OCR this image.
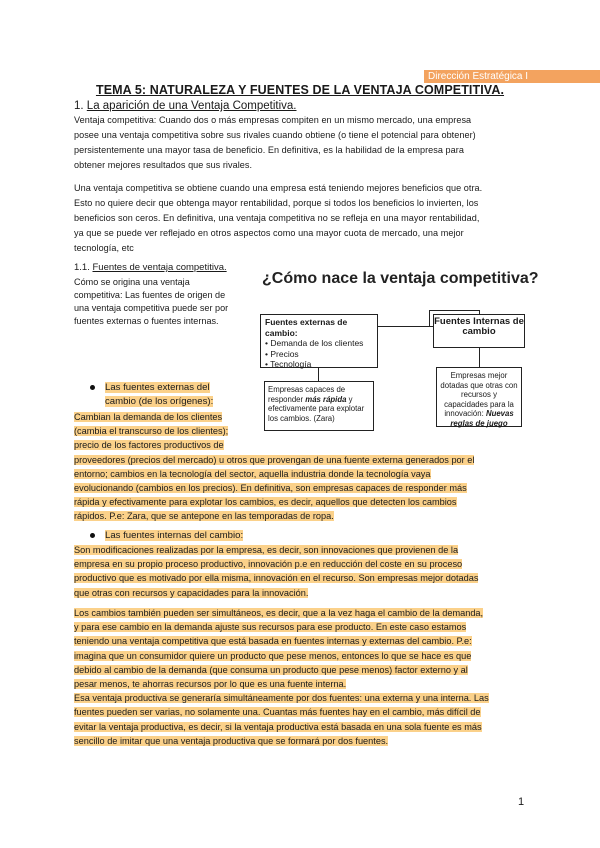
Dirección Estratégica I
TEMA 5: NATURALEZA Y FUENTES DE LA VENTAJA COMPETITIVA.
1. La aparición de una Ventaja Competitiva.
Ventaja competitiva: Cuando dos o más empresas compiten en un mismo mercado, una empresa
posee una ventaja competitiva sobre sus rivales cuando obtiene (o tiene el potencial para obtener)
persistentemente una mayor tasa de beneficio. En definitiva, es la habilidad de la empresa para
obtener mejores resultados que sus rivales.
Una ventaja competitiva se obtiene cuando una empresa está teniendo mejores beneficios que otra.
Esto no quiere decir que obtenga mayor rentabilidad, porque si todos los beneficios lo invierten, los
beneficios son ceros. En definitiva, una ventaja competitiva no se refleja en una mayor rentabilidad,
ya que se puede ver reflejado en otros aspectos como una mayor cuota de mercado, una mejor
tecnología, etc
1.1. Fuentes de ventaja competitiva.
Cómo se origina una ventaja
competitiva: Las fuentes de origen de
una ventaja competitiva puede ser por
fuentes externas o fuentes internas.
¿Cómo nace la ventaja competitiva?
Fuentes externas de cambio:
• Demanda de los clientes
• Precios
• Tecnología
Fuentes Internas de cambio
Empresas capaces de responder más rápida y efectivamente para explotar los cambios. (Zara)
Empresas mejor dotadas que otras con recursos y capacidades para la innovación: Nuevas reglas de juego
Las fuentes externas del
cambio (de los orígenes):
Cambian la demanda de los clientes
(cambia el transcurso de los clientes);
precio de los factores productivos de
proveedores (precios del mercado) u otros que provengan de una fuente externa generados por el
entorno; cambios en la tecnología del sector, aquella industria donde la tecnología vaya
evolucionando (cambios en los precios). En definitiva, son empresas capaces de responder más
rápida y efectivamente para explotar los cambios, es decir, aquellos que detecten los cambios
rápidos. P.e: Zara, que se antepone en las temporadas de ropa.
Las fuentes internas del cambio:
Son modificaciones realizadas por la empresa, es decir, son innovaciones que provienen de la
empresa en su propio proceso productivo, innovación p.e en reducción del coste en su proceso
productivo que es motivado por ella misma, innovación en el recurso. Son empresas mejor dotadas
que otras con recursos y capacidades para la innovación.
Los cambios también pueden ser simultáneos, es decir, que a la vez haga el cambio de la demanda,
y para ese cambio en la demanda ajuste sus recursos para ese producto. En este caso estamos
teniendo una ventaja competitiva que está basada en fuentes internas y externas del cambio. P.e:
imagina que un consumidor quiere un producto que pese menos, entonces lo que se hace es que
debido al cambio de la demanda (que consuma un producto que pese menos) factor externo y al
pesar menos, te ahorras recursos por lo que es una fuente interna.
Esa ventaja productiva se generaría simultáneamente por dos fuentes: una externa y una interna. Las
fuentes pueden ser varias, no solamente una. Cuantas más fuentes hay en el cambio, más difícil de
evitar la ventaja productiva, es decir, si la ventaja productiva está basada en una sola fuente es más
sencillo de imitar que una ventaja productiva que se formará por dos fuentes.
1
